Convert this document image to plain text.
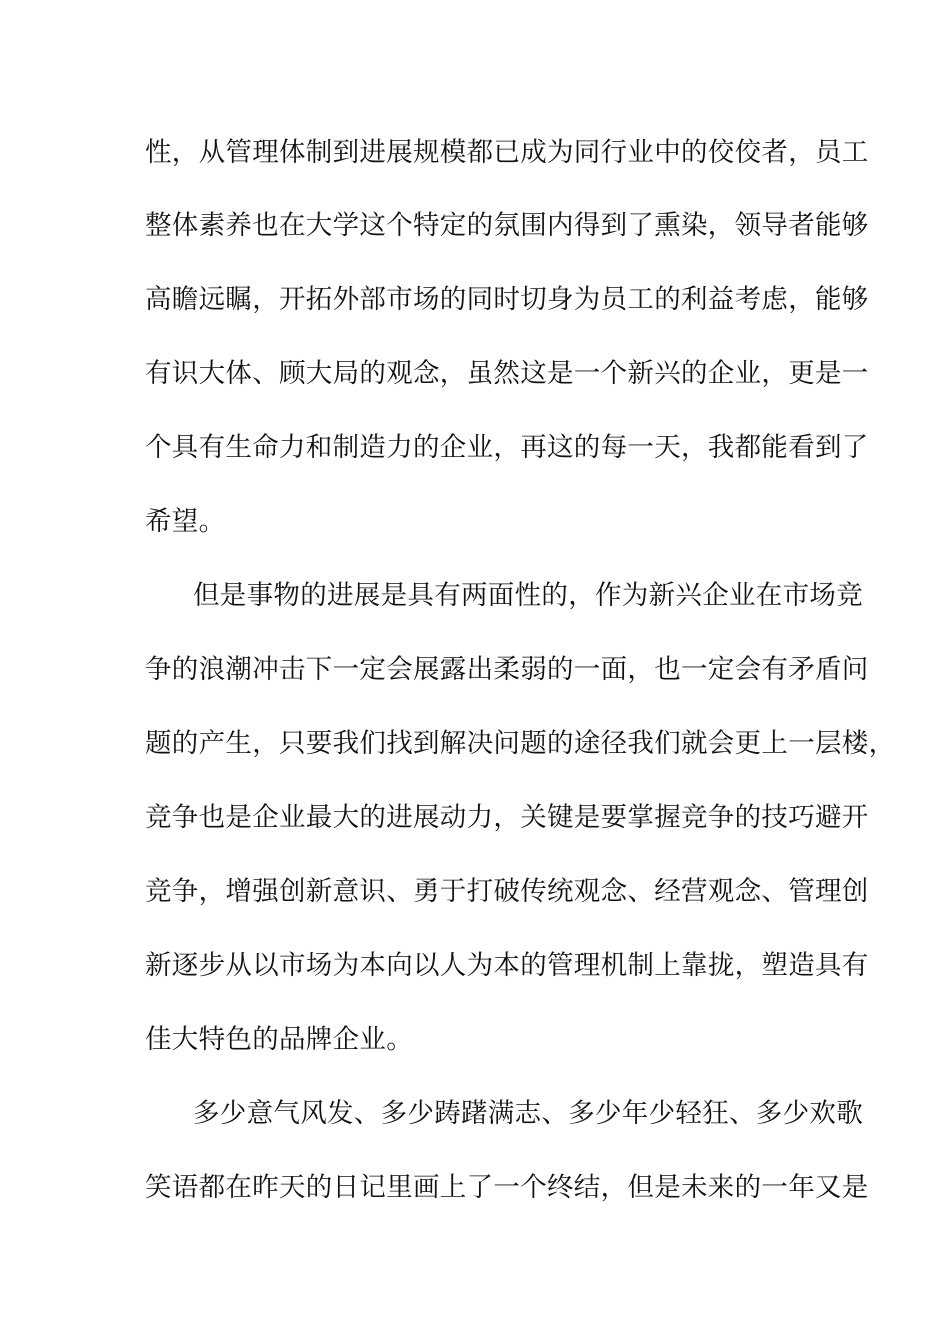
性，从管理体制到进展规模都已成为同行业中的佼佼者，员工
整体素养也在大学这个特定的氛围内得到了熏染，领导者能够
高瞻远瞩，开拓外部市场的同时切身为员工的利益考虑，能够
有识大体、顾大局的观念，虽然这是一个新兴的企业，更是一
个具有生命力和制造力的企业，再这的每一天，我都能看到了
希望。
但是事物的进展是具有两面性的，作为新兴企业在市场竞
争的浪潮冲击下一定会展露出柔弱的一面，也一定会有矛盾问
题的产生，只要我们找到解决问题的途径我们就会更上一层楼，
竞争也是企业最大的进展动力，关键是要掌握竞争的技巧避开
竞争，增强创新意识、勇于打破传统观念、经营观念、管理创
新逐步从以市场为本向以人为本的管理机制上靠拢，塑造具有
佳大特色的品牌企业。
多少意气风发、多少踌躇满志、多少年少轻狂、多少欢歌
笑语都在昨天的日记里画上了一个终结，但是未来的一年又是
